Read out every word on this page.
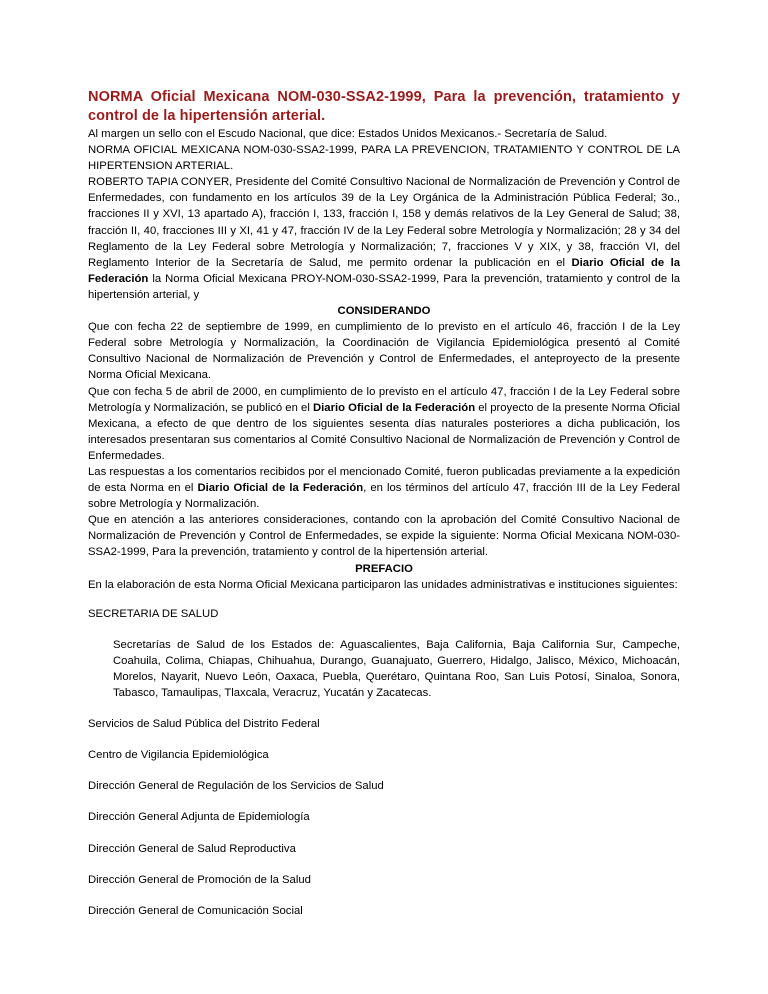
NORMA Oficial Mexicana NOM-030-SSA2-1999, Para la prevención, tratamiento y control de la hipertensión arterial.

Al margen un sello con el Escudo Nacional, que dice: Estados Unidos Mexicanos.- Secretaría de Salud.

NORMA OFICIAL MEXICANA NOM-030-SSA2-1999, PARA LA PREVENCION, TRATAMIENTO Y CONTROL DE LA HIPERTENSION ARTERIAL.

ROBERTO TAPIA CONYER, Presidente del Comité Consultivo Nacional de Normalización de Prevención y Control de Enfermedades, con fundamento en los artículos 39 de la Ley Orgánica de la Administración Pública Federal; 3o., fracciones II y XVI, 13 apartado A), fracción I, 133, fracción I, 158 y demás relativos de la Ley General de Salud; 38, fracción II, 40, fracciones III y XI, 41 y 47, fracción IV de la Ley Federal sobre Metrología y Normalización; 28 y 34 del Reglamento de la Ley Federal sobre Metrología y Normalización; 7, fracciones V y XIX, y 38, fracción VI, del Reglamento Interior de la Secretaría de Salud, me permito ordenar la publicación en el Diario Oficial de la Federación la Norma Oficial Mexicana PROY-NOM-030-SSA2-1999, Para la prevención, tratamiento y control de la hipertensión arterial, y

CONSIDERANDO

Que con fecha 22 de septiembre de 1999, en cumplimiento de lo previsto en el artículo 46, fracción I de la Ley Federal sobre Metrología y Normalización, la Coordinación de Vigilancia Epidemiológica presentó al Comité Consultivo Nacional de Normalización de Prevención y Control de Enfermedades, el anteproyecto de la presente Norma Oficial Mexicana.

Que con fecha 5 de abril de 2000, en cumplimiento de lo previsto en el artículo 47, fracción I de la Ley Federal sobre Metrología y Normalización, se publicó en el Diario Oficial de la Federación el proyecto de la presente Norma Oficial Mexicana, a efecto de que dentro de los siguientes sesenta días naturales posteriores a dicha publicación, los interesados presentaran sus comentarios al Comité Consultivo Nacional de Normalización de Prevención y Control de Enfermedades.

Las respuestas a los comentarios recibidos por el mencionado Comité, fueron publicadas previamente a la expedición de esta Norma en el Diario Oficial de la Federación, en los términos del artículo 47, fracción III de la Ley Federal sobre Metrología y Normalización.

Que en atención a las anteriores consideraciones, contando con la aprobación del Comité Consultivo Nacional de Normalización de Prevención y Control de Enfermedades, se expide la siguiente: Norma Oficial Mexicana NOM-030-SSA2-1999, Para la prevención, tratamiento y control de la hipertensión arterial.

PREFACIO

En la elaboración de esta Norma Oficial Mexicana participaron las unidades administrativas e instituciones siguientes:

SECRETARIA DE SALUD

Secretarías de Salud de los Estados de: Aguascalientes, Baja California, Baja California Sur, Campeche, Coahuila, Colima, Chiapas, Chihuahua, Durango, Guanajuato, Guerrero, Hidalgo, Jalisco, México, Michoacán, Morelos, Nayarit, Nuevo León, Oaxaca, Puebla, Querétaro, Quintana Roo, San Luis Potosí, Sinaloa, Sonora, Tabasco, Tamaulipas, Tlaxcala, Veracruz, Yucatán y Zacatecas.

Servicios de Salud Pública del Distrito Federal

Centro de Vigilancia Epidemiológica

Dirección General de Regulación de los Servicios de Salud

Dirección General Adjunta de Epidemiología

Dirección General de Salud Reproductiva

Dirección General de Promoción de la Salud

Dirección General de Comunicación Social
